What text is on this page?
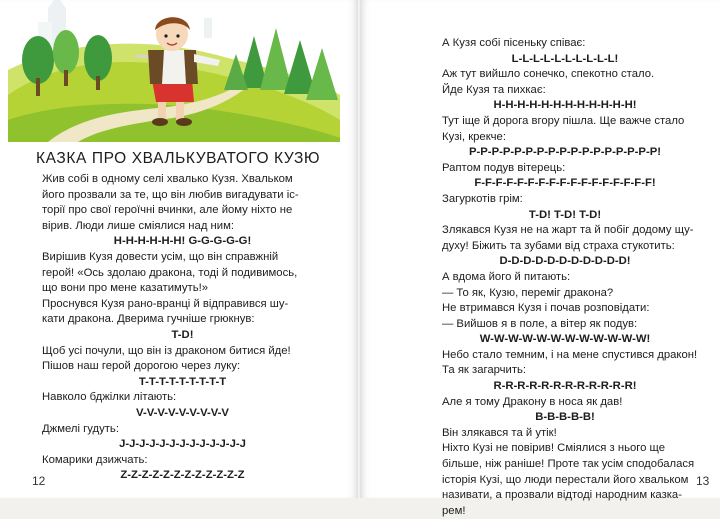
КАЗКА ПРО ХВАЛЬКУВАТОГО КУЗЮ

Жив собі в одному селі хвалько Кузя. Хвальком

його прозвали за те, що він любив вигадувати іс-

торії про свої героїчні вчинки, але йому ніхто не

вірив. Люди лише сміялися над ним:

H-H-H-H-H-H! G-G-G-G-G!

Вирішив Кузя довести усім, що він справжній

герой! «Ось здолаю дракона, тоді й подивимось,

що вони про мене казатимуть!»

Проснувся Кузя рано-вранці й відправився шу-

кати дракона. Дверима гучніше грюкнув:

T-D!

Щоб усі почули, що він із драконом битися йде!

Пішов наш герой дорогою через луку:

T-T-T-T-T-T-T-T-T

Навколо бджілки літають:

V-V-V-V-V-V-V-V-V

Джмелі гудуть:

J-J-J-J-J-J-J-J-J-J-J-J-J

Комарики дзижчать:

Z-Z-Z-Z-Z-Z-Z-Z-Z-Z-Z-Z

12

А Кузя собі пісеньку співає:

L-L-L-L-L-L-L-L-L-L!

Аж тут вийшло сонечко, спекотно стало.

Йде Кузя та пихкає:

H-H-H-H-H-H-H-H-H-H-H-H!

Тут іще й дорога вгору пішла. Ще важче стало

Кузі, крекче:

P-P-P-P-P-P-P-P-P-P-P-P-P-P-P-P-P!

Раптом подув вітерець:

F-F-F-F-F-F-F-F-F-F-F-F-F-F-F-F-F!

Загуркотів грім:

T-D! T-D! T-D!

Злякався Кузя не на жарт та й побіг додому щу-

духу! Біжить та зубами від страха стукотить:

D-D-D-D-D-D-D-D-D-D-D!

А вдома його й питають:

— То як, Кузю, переміг дракона?

Не втримався Кузя і почав розповідати:

— Вийшов я в поле, а вітер як подув:

W-W-W-W-W-W-W-W-W-W-W-W!

Небо стало темним, і на мене спустився дракон!

Та як загарчить:

R-R-R-R-R-R-R-R-R-R-R-R!

Але я тому Дракону в носа як дав!

B-B-B-B-B!

Він злякався та й утік!

Ніхто Кузі не повірив! Сміялися з нього ще

більше, ніж раніше! Проте так усім сподобалася

історія Кузі, що люди перестали його хвальком

називати, а прозвали відтоді народним казка-

рем!

13
